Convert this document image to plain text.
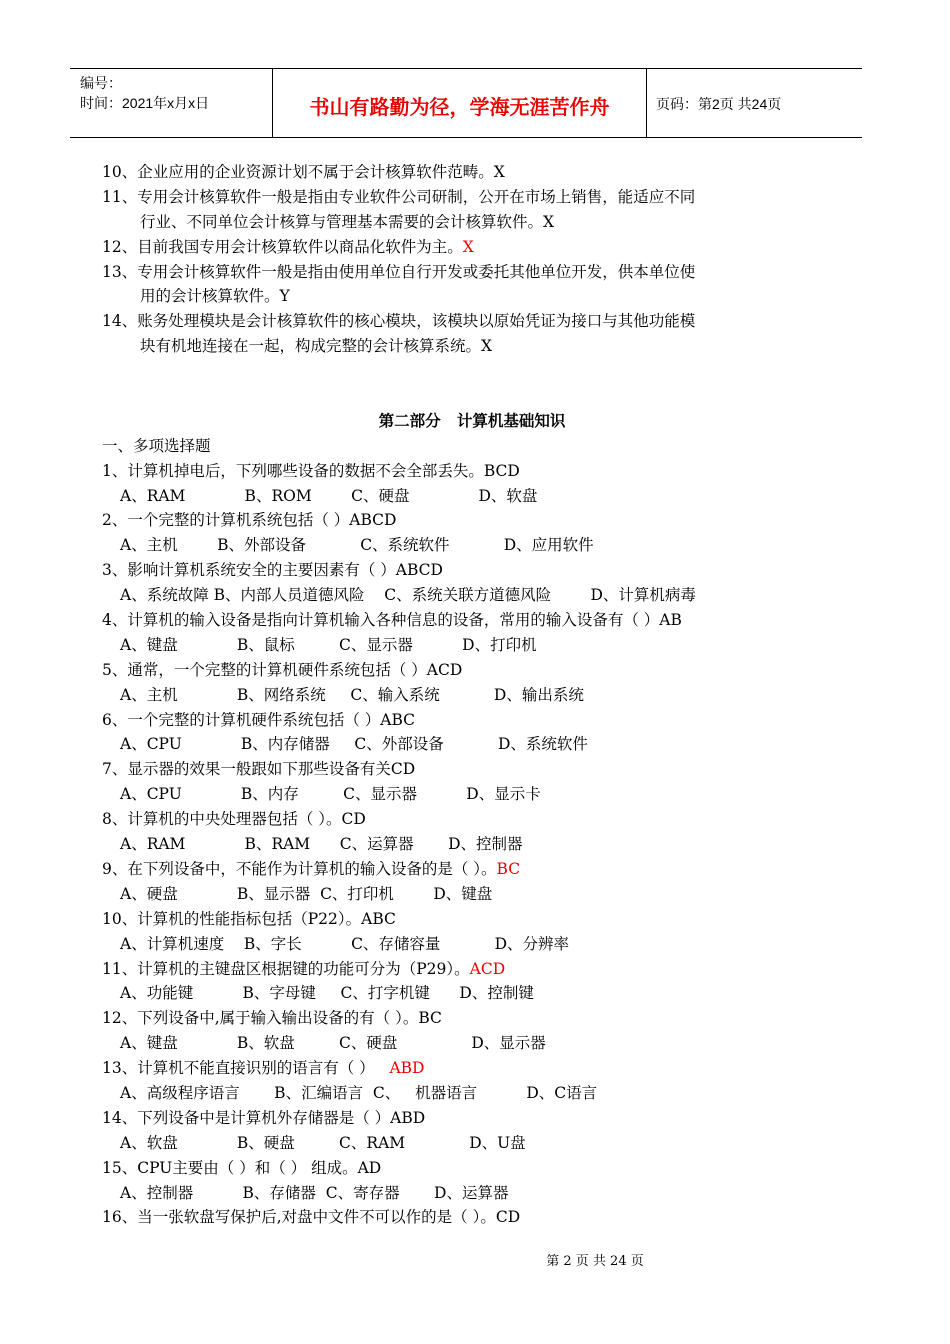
编号：
时间：2021年x月x日	书山有路勤为径，学海无涯苦作舟	页码：第2页 共24页
10、企业应用的企业资源计划不属于会计核算软件范畴。X
11、专用会计核算软件一般是指由专业软件公司研制，公开在市场上销售，能适应不同
行业、不同单位会计核算与管理基本需要的会计核算软件。X
12、目前我国专用会计核算软件以商品化软件为主。X
13、专用会计核算软件一般是指由使用单位自行开发或委托其他单位开发，供本单位使
用的会计核算软件。Y
14、账务处理模块是会计核算软件的核心模块，该模块以原始凭证为接口与其他功能模
块有机地连接在一起，构成完整的会计核算系统。X
第二部分   计算机基础知识
一、多项选择题
1、计算机掉电后，下列哪些设备的数据不会全部丢失。BCD
A、RAM            B、ROM        C、硬盘              D、软盘
2、一个完整的计算机系统包括（ ）ABCD
A、主机        B、外部设备           C、系统软件           D、应用软件
3、影响计算机系统安全的主要因素有（ ）ABCD
A、系统故障 B、内部人员道德风险    C、系统关联方道德风险        D、计算机病毒
4、计算机的输入设备是指向计算机输入各种信息的设备，常用的输入设备有（ ）AB
A、键盘            B、鼠标         C、显示器          D、打印机
5、通常，一个完整的计算机硬件系统包括（ ）ACD
A、主机            B、网络系统     C、输入系统           D、输出系统
6、一个完整的计算机硬件系统包括（ ）ABC
A、CPU            B、内存储器     C、外部设备           D、系统软件
7、显示器的效果一般跟如下那些设备有关CD
A、CPU            B、内存         C、显示器          D、显示卡
8、计算机的中央处理器包括（ ）。CD
A、RAM            B、RAM      C、运算器       D、控制器
9、在下列设备中，不能作为计算机的输入设备的是（ ）。BC
A、硬盘            B、显示器  C、打印机        D、键盘
10、计算机的性能指标包括（P22）。ABC
A、计算机速度    B、字长          C、存储容量           D、分辨率
11、计算机的主键盘区根据键的功能可分为（P29）。ACD
A、功能键          B、字母键     C、打字机键      D、控制键
12、下列设备中,属于输入输出设备的有（ ）。BC
A、键盘            B、软盘         C、硬盘               D、显示器
13、计算机不能直接识别的语言有（ ）   ABD
A、高级程序语言       B、汇编语言  C、   机器语言          D、C语言
14、下列设备中是计算机外存储器是（ ）ABD
A、软盘            B、硬盘         C、RAM             D、U盘
15、CPU主要由（ ）和（ ） 组成。AD
A、控制器          B、存储器  C、寄存器       D、运算器
16、当一张软盘写保护后,对盘中文件不可以作的是（ ）。CD
第 2 页 共 24 页
